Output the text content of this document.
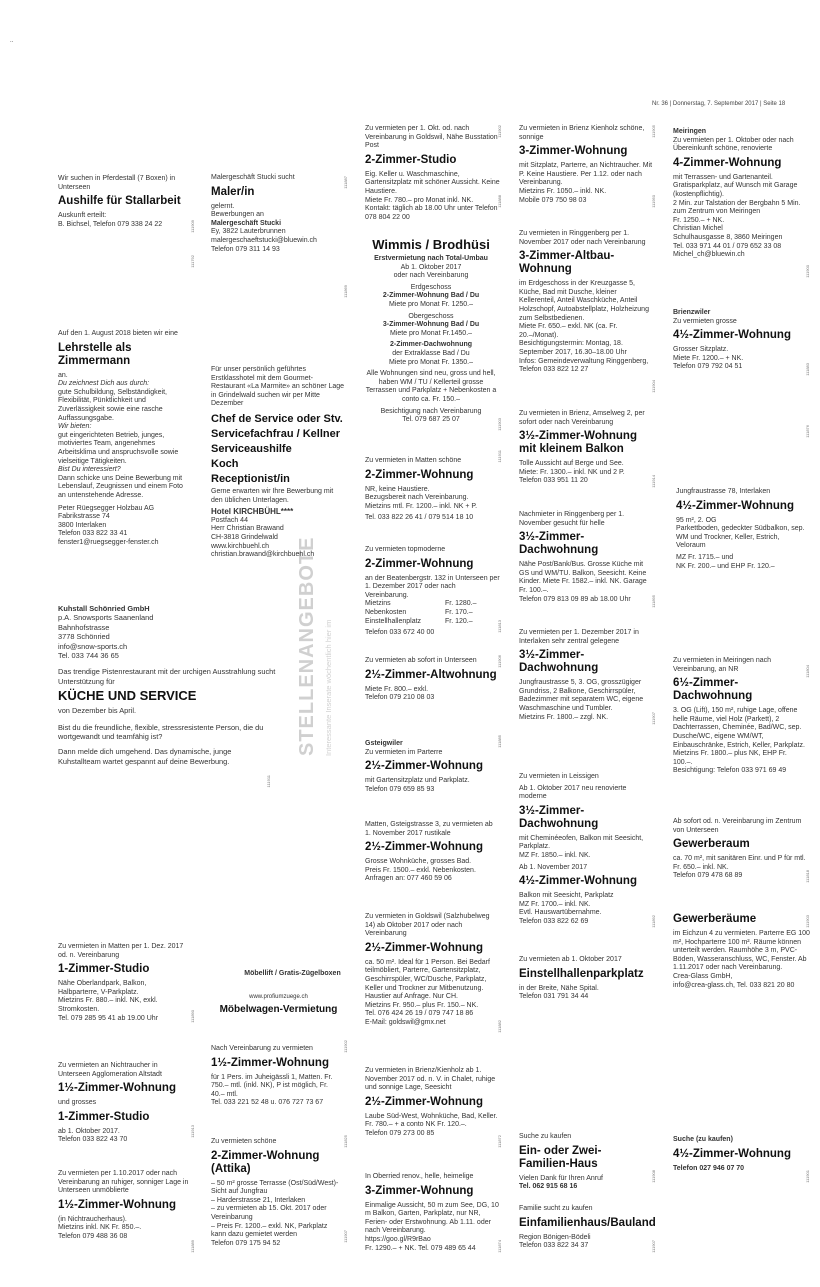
..
Nr. 36 | Donnerstag, 7. September 2017 | Seite 18
Stellenmarkt
Wohnungsmarkt
Zu vermieten
Liegenschaftsmarkt
Zu kaufen gesucht
STELLENANGEBOTE Interessante Inserate wöchentlich hier im
Wir suchen in Pferdestall (7 Boxen) in Unterseen
Aushilfe für Stallarbeit
Auskunft erteilt:
B. Bichsel, Telefon 079 338 24 22
Auf den 1. August 2018 bieten wir eine
Lehrstelle als Zimmermann
an.
Du zeichnest Dich aus durch:
gute Schulbildung, Selbständigkeit, Flexibilität, Pünktlichkeit und Zuverlässigkeit sowie eine rasche Auffassungsgabe.
Wir bieten:
gut eingerichteten Betrieb, junges, motiviertes Team, angenehmes Arbeitsklima und anspruchsvolle sowie vielseitige Tätigkeiten.
Bist Du interessiert?
Dann schicke uns Deine Bewerbung mit Lebenslauf, Zeugnissen und einem Foto an untenstehende Adresse.
Peter Rüegsegger Holzbau AG
Fabrikstrasse 74
3800 Interlaken
Telefon 033 822 33 41
fenster1@ruegsegger-fenster.ch
Kuhstall Schönried GmbH
p.A. Snowsports Saanenland
Bahnhofstrasse
3778 Schönried
info@snow-sports.ch
Tel. 033 744 36 65
Das trendige Pistenrestaurant mit der urchigen Ausstrahlung sucht Unterstützung für
KÜCHE UND SERVICE
von Dezember bis April.
Bist du die freundliche, flexible, stressresistente Person, die du wortgewandt und teamfähig ist?
Dann melde dich umgehend. Das dynamische, junge Kuhstallteam wartet gespannt auf deine Bewerbung.
Zu vermieten in Matten per 1. Dez. 2017 od. n. Vereinbarung
1-Zimmer-Studio
Nähe Oberlandpark, Balkon, Halbparterre, V-Parkplatz.
Mietzins Fr. 880.– inkl. NK, exkl. Stromkosten.
Tel. 079 285 95 41 ab 19.00 Uhr
Zu vermieten an Nichtraucher in Unterseen Agglomeration Altstadt
1½-Zimmer-Wohnung
und grosses
1-Zimmer-Studio
ab 1. Oktober 2017.
Telefon 033 822 43 70
Zu vermieten per 1.10.2017 oder nach Vereinbarung an ruhiger, sonniger Lage in Unterseen unmöblierte
1½-Zimmer-Wohnung
(in Nichtraucherhaus).
Mietzins inkl. NK Fr. 850.–.
Telefon 079 488 36 08
Malergeschäft Stucki sucht
Maler/in
gelernt.
Bewerbungen an
Malergeschäft Stucki
Ey, 3822 Lauterbrunnen
malergeschaeftstucki@bluewin.ch
Telefon 079 311 14 93
Für unser persönlich geführtes Erstklasshotel mit dem Gourmet-Restaurant «La Marmite» an schöner Lage in Grindelwald suchen wir per Mitte Dezember
Chef de Service oder Stv.
Servicefachfrau / Kellner
Serviceaushilfe
Koch
Receptionist/in
Gerne erwarten wir Ihre Bewerbung mit den üblichen Unterlagen.
Hotel KIRCHBÜHL****
Postfach 44
Herr Christian Brawand
CH-3818 Grindelwald
www.kirchbuehl.ch
christian.brawand@kirchbuehl.ch
Möbellift / Gratis-Zügelboxen
www.profiumzuege.ch
Möbelwagen-Vermietung
Nach Vereinbarung zu vermieten
1½-Zimmer-Wohnung
für 1 Pers. im Juheigässli 1, Matten. Fr. 750.– mtl. (inkl. NK), P ist möglich, Fr. 40.– mtl.
Tel. 033 221 52 48 u. 076 727 73 67
Zu vermieten schöne
2-Zimmer-Wohnung (Attika)
– 50 m² grosse Terrasse (Ost/Süd/West)-Sicht auf Jungfrau
– Harderstrasse 21, Interlaken
– zu vermieten ab 15. Okt. 2017 oder Vereinbarung
– Preis Fr. 1200.– exkl. NK, Parkplatz kann dazu gemietet werden
Telefon 079 175 94 52
Zu vermieten per 1. Okt. od. nach Vereinbarung in Goldswil, Nähe Busstation Post
2-Zimmer-Studio
Eig. Keller u. Waschmaschine, Gartensitzplatz mit schöner Aussicht. Keine Haustiere.
Miete Fr. 780.– pro Monat inkl. NK.
Kontakt: täglich ab 18.00 Uhr unter Telefon 078 804 22 00
Wimmis / Brodhüsi
Erstvermietung nach Total-Umbau
Ab 1. Oktober 2017
oder nach Vereinbarung
Erdgeschoss
2-Zimmer-Wohnung Bad / Du
Miete pro Monat Fr. 1250.–
Obergeschoss
3-Zimmer-Wohnung Bad / Du
Miete pro Monat Fr.1450.–
2-Zimmer-Dachwohnung
der Extraklasse Bad / Du
Miete pro Monat Fr. 1350.–
Alle Wohnungen sind neu, gross und hell, haben WM / TU / Kellerteil grosse Terrassen und Parkplatz + Nebenkosten a conto ca. Fr. 150.–
Besichtigung nach Vereinbarung
Tel. 079 687 25 07
Zu vermieten in Matten schöne
2-Zimmer-Wohnung
NR, keine Haustiere.
Bezugsbereit nach Vereinbarung.
Mietzins mtl. Fr. 1200.– inkl. NK + P.
Tel. 033 822 26 41 / 079 514 18 10
Zu vermieten topmoderne
2-Zimmer-Wohnung
an der Beatenbergstr. 132 in Unterseen per 1. Dezember 2017 oder nach Vereinbarung.
Mietzins	Fr. 1280.–
Nebenkosten	Fr. 170.–
Einstellhallenplatz	Fr. 120.–
Telefon 033 672 40 00
Zu vermieten ab sofort in Unterseen
2½-Zimmer-Altwohnung
Miete Fr. 800.– exkl.
Telefon 079 210 08 03
Gsteigwiler
Zu vermieten im Parterre
2½-Zimmer-Wohnung
mit Gartensitzplatz und Parkplatz.
Telefon 079 659 85 93
Matten, Gsteigstrasse 3, zu vermieten ab 1. November 2017 rustikale
2½-Zimmer-Wohnung
Grosse Wohnküche, grosses Bad.
Preis Fr. 1500.– exkl. Nebenkosten.
Anfragen an: 077 460 59 06
Zu vermieten in Goldswil (Salzhubelweg 14) ab Oktober 2017 oder nach Vereinbarung
2½-Zimmer-Wohnung
ca. 50 m². Ideal für 1 Person. Bei Bedarf teilmöbliert, Parterre, Gartensitzplatz, Geschirrspüler, WC/Dusche, Parkplatz, Keller und Trockner zur Mitbenutzung. Haustier auf Anfrage. Nur CH.
Mietzins Fr. 950.– plus Fr. 150.– NK.
Tel. 076 424 26 19 / 079 747 18 86
E-Mail: goldswil@gmx.net
Zu vermieten in Brienz/Kienholz ab 1. November 2017 od. n. V. in Chalet, ruhige und sonnige Lage, Seesicht
2½-Zimmer-Wohnung
Laube Süd-West, Wohnküche, Bad, Keller.
Fr. 780.– + a conto NK Fr. 120.–.
Telefon 079 273 00 85
In Oberried renov., helle, heimelige
3-Zimmer-Wohnung
Einmalige Aussicht, 50 m zum See, DG, 10 m Balkon, Garten, Parkplatz, nur NR, Ferien- oder Erstwohnung. Ab 1.11. oder nach Vereinbarung.
https://goo.gl/R9rBao
Fr. 1290.– + NK. Tel. 079 489 65 44
Zu vermieten in Brienz Kienholz schöne, sonnige
3-Zimmer-Wohnung
mit Sitzplatz, Parterre, an Nichtraucher. Mit P. Keine Haustiere. Per 1.12. oder nach Vereinbarung.
Mietzins Fr. 1050.– inkl. NK.
Mobile 079 750 98 03
Zu vermieten in Ringgenberg per 1. November 2017 oder nach Vereinbarung
3-Zimmer-Altbau-Wohnung
im Erdgeschoss in der Kreuzgasse 5, Küche, Bad mit Dusche, kleiner Kellerenteil, Anteil Waschküche, Anteil Holzschopf, Autoabstellplatz, Holzheizung zum Selbstbedienen.
Miete Fr. 650.– exkl. NK (ca. Fr. 20.–/Monat).
Besichtigungstermin: Montag, 18. September 2017, 16.30–18.00 Uhr
Infos: Gemeindeverwaltung Ringgenberg, Telefon 033 822 12 27
Zu vermieten in Brienz, Amselweg 2, per sofort oder nach Vereinbarung
3½-Zimmer-Wohnung mit kleinem Balkon
Tolle Aussicht auf Berge und See.
Miete: Fr. 1300.– inkl. NK und 2 P.
Telefon 033 951 11 20
Nachmieter in Ringgenberg per 1. November gesucht für helle
3½-Zimmer-Dachwohnung
Nähe Post/Bank/Bus. Grosse Küche mit GS und WM/TU. Balkon, Seesicht. Keine Kinder. Miete Fr. 1582.– inkl. NK. Garage Fr. 100.–.
Telefon 079 813 09 89 ab 18.00 Uhr
Zu vermieten per 1. Dezember 2017 in Interlaken sehr zentral gelegene
3½-Zimmer-Dachwohnung
Jungfraustrasse 5, 3. OG, grosszügiger Grundriss, 2 Balkone, Geschirrspüler, Badezimmer mit separatem WC, eigene Waschmaschine und Tumbler.
Mietzins Fr. 1800.– zzgl. NK.
Zu vermieten in Leissigen
Ab 1. Oktober 2017 neu renovierte moderne
3½-Zimmer-Dachwohnung
mit Cheminéeofen, Balkon mit Seesicht, Parkplatz.
MZ Fr. 1850.– inkl. NK.
Ab 1. November 2017
4½-Zimmer-Wohnung
Balkon mit Seesicht, Parkplatz
MZ Fr. 1700.– inkl. NK.
Evtl. Hauswartübernahme.
Telefon 033 822 62 69
Zu vermieten ab 1. Oktober 2017
Einstellhallenparkplatz
in der Breite, Nähe Spital.
Telefon 031 791 34 44
Suche zu kaufen
Ein- oder Zwei-Familien-Haus
Vielen Dank für Ihren Anruf
Tel. 062 915 68 16
Familie sucht zu kaufen
Einfamilienhaus/Bauland
Region Bönigen-Bödeli
Telefon 033 822 34 37
Meiringen
Zu vermieten per 1. Oktober oder nach Übereinkunft schöne, renovierte
4-Zimmer-Wohnung
mit Terrassen- und Gartenanteil. Gratisparkplatz, auf Wunsch mit Garage (kostenpflichtig).
2 Min. zur Talstation der Bergbahn 5 Min. zum Zentrum von Meiringen
Fr. 1250.– + NK.
Christian Michel
Schulhausgasse 8, 3860 Meiringen
Tel. 033 971 44 01 / 079 652 33 08
Michel_ch@bluewin.ch
Brienzwiler
Zu vermieten grosse
4½-Zimmer-Wohnung
Grosser Sitzplatz.
Miete Fr. 1200.– + NK.
Telefon 079 792 04 51
Jungfraustrasse 78, Interlaken
4½-Zimmer-Wohnung
95 m², 2. OG
Parkettboden, gedeckter Südbalkon, sep. WM und Trockner, Keller, Estrich, Veloraum
MZ Fr. 1715.– und
NK Fr. 200.– und EHP Fr. 120.–
Zu vermieten in Meiringen nach Vereinbarung, an NR
6½-Zimmer-Dachwohnung
3. OG (Lift), 150 m², ruhige Lage, offene helle Räume, viel Holz (Parkett), 2 Dachterrassen, Cheminée, Bad/WC, sep. Dusche/WC, eigene WM/WT, Einbauschränke, Estrich, Keller, Parkplatz.
Mietzins Fr. 1800.– plus NK, EHP Fr. 100.–.
Besichtigung: Telefon 033 971 69 49
Ab sofort od. n. Vereinbarung im Zentrum von Unterseen
Gewerberaum
ca. 70 m², mit sanitären Einr. und P für mtl. Fr. 650.– inkl. NK.
Telefon 079 478 68 89
Gewerberäume
im Eichzun 4 zu vermieten. Parterre EG 100 m², Hochparterre 100 m². Räume können unterteilt werden. Raumhöhe 3 m, PVC-Böden, Wasseranschluss, WC, Fenster. Ab 1.11.2017 oder nach Vereinbarung.
Crea-Glass GmbH,
info@crea-glass.ch, Tel. 033 821 20 80
Suche (zu kaufen)
4½-Zimmer-Wohnung
Telefon 027 946 07 70
111909
111792
111887
111869
111902
111888
111905
111950
111900
111904
111883
111903
111876
111911
111914
111813
111895
111906
111804
111907
111885
111911
111818
111890
111892	111903
111882
111902
111913
111825	111872
111908	111901
111889
111907
111874	111907
